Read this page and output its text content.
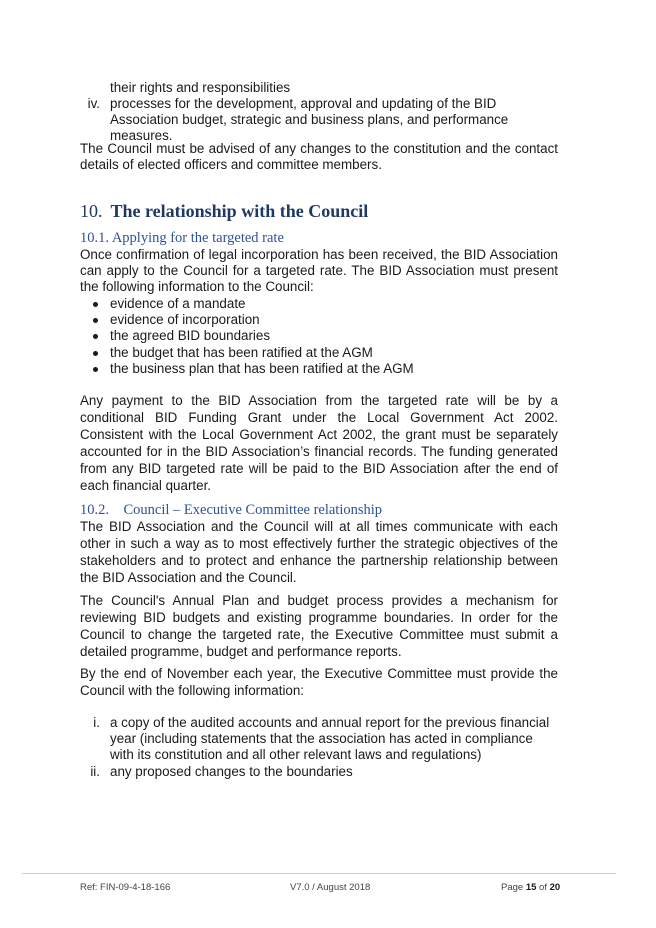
their rights and responsibilities
iv. processes for the development, approval and updating of the BID Association budget, strategic and business plans, and performance measures.
The Council must be advised of any changes to the constitution and the contact details of elected officers and committee members.
10. The relationship with the Council
10.1. Applying for the targeted rate
Once confirmation of legal incorporation has been received, the BID Association can apply to the Council for a targeted rate. The BID Association must present the following information to the Council:
evidence of a mandate
evidence of incorporation
the agreed BID boundaries
the budget that has been ratified at the AGM
the business plan that has been ratified at the AGM
Any payment to the BID Association from the targeted rate will be by a conditional BID Funding Grant under the Local Government Act 2002. Consistent with the Local Government Act 2002, the grant must be separately accounted for in the BID Association’s financial records. The funding generated from any BID targeted rate will be paid to the BID Association after the end of each financial quarter.
10.2.    Council – Executive Committee relationship
The BID Association and the Council will at all times communicate with each other in such a way as to most effectively further the strategic objectives of the stakeholders and to protect and enhance the partnership relationship between the BID Association and the Council.
The Council's Annual Plan and budget process provides a mechanism for reviewing BID budgets and existing programme boundaries. In order for the Council to change the targeted rate, the Executive Committee must submit a detailed programme, budget and performance reports.
By the end of November each year, the Executive Committee must provide the Council with the following information:
i. a copy of the audited accounts and annual report for the previous financial year (including statements that the association has acted in compliance with its constitution and all other relevant laws and regulations)
ii. any proposed changes to the boundaries
Ref: FIN-09-4-18-166	V7.0 / August 2018	Page 15 of 20
